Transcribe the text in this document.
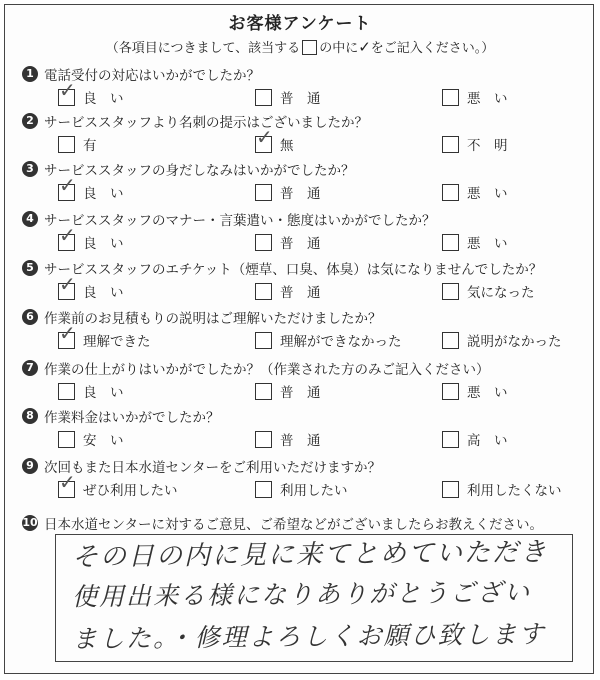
お客様アンケート
（各項目につきまして、該当する の中に✓をご記入ください。）
1 電話受付の対応はいかがでしたか？
✓ 良　い	普　通	悪　い
2 サービススタッフより名刺の提示はございましたか？
有	✓ 無	不　明
3 サービススタッフの身だしなみはいかがでしたか？
✓ 良　い	普　通	悪　い
4 サービススタッフのマナー・言葉遣い・態度はいかがでしたか？
✓ 良　い	普　通	悪　い
5 サービススタッフのエチケット（煙草、口臭、体臭）は気になりませんでしたか？
✓ 良　い	普　通	気になった
6 作業前のお見積もりの説明はご理解いただけましたか？
✓ 理解できた	理解ができなかった	説明がなかった
7 作業の仕上がりはいかがでしたか？（作業された方のみご記入ください）
良　い	普　通	悪　い
8 作業料金はいかがでしたか？
安　い	普　通	高　い
9 次回もまた日本水道センターをご利用いただけますか？
✓ ぜひ利用したい	利用したい	利用したくない
10 日本水道センターに対するご意見、ご希望などがございましたらお教えください。
その日の内に見に来てとめていただき
使用出来る様になりありがとうござい
ました。・修理よろしくお願ひ致します
